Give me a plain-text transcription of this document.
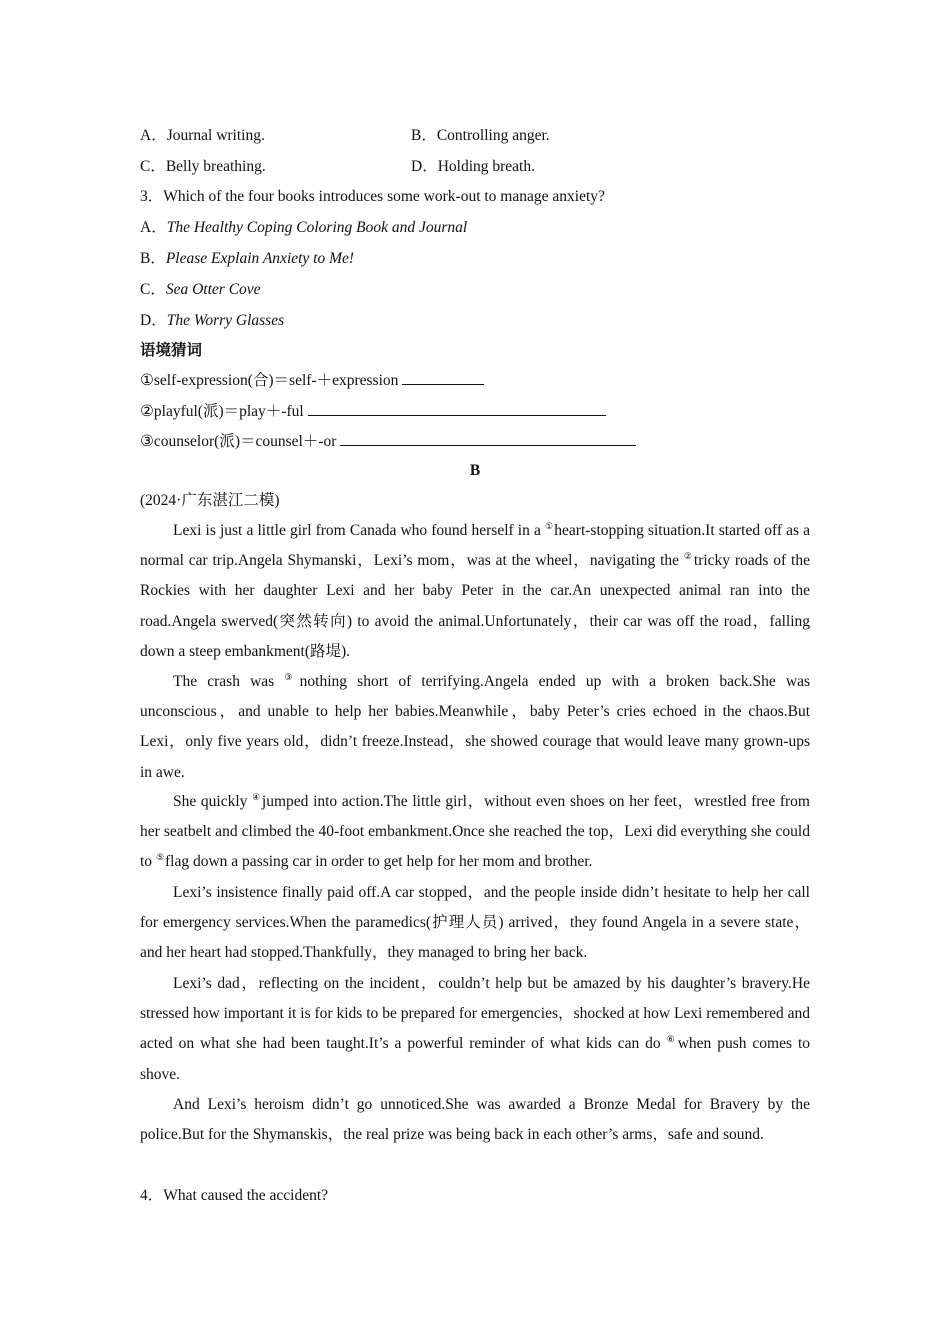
A．Journal writing.	B．Controlling anger.
C．Belly breathing.	D．Holding breath.
3．Which of the four books introduces some work-out to manage anxiety?
A．The Healthy Coping Coloring Book and Journal
B．Please Explain Anxiety to Me!
C．Sea Otter Cove
D．The Worry Glasses
语境猜词
①self-expression(合)＝self-＋expression
②playful(派)＝play＋-ful
③counselor(派)＝counsel＋-or
B
(2024·广东湛江二模)

Lexi is just a little girl from Canada who found herself in a ①heart-stopping situation.It started off as a normal car trip.Angela Shymanski，Lexi’s mom，was at the wheel，navigating the ②tricky roads of the Rockies with her daughter Lexi and her baby Peter in the car.An unexpected animal ran into the road.Angela swerved(突然转向) to avoid the animal.Unfortunately，their car was off the road，falling down a steep embankment(路堤).

The crash was ③nothing short of terrifying.Angela ended up with a broken back.She was unconscious，and unable to help her babies.Meanwhile，baby Peter’s cries echoed in the chaos.But Lexi，only five years old，didn’t freeze.Instead，she showed courage that would leave many grown-ups in awe.

She quickly ④jumped into action.The little girl，without even shoes on her feet，wrestled free from her seatbelt and climbed the 40-foot embankment.Once she reached the top，Lexi did everything she could to ⑤flag down a passing car in order to get help for her mom and brother.

Lexi’s insistence finally paid off.A car stopped，and the people inside didn’t hesitate to help her call for emergency services.When the paramedics(护理人员) arrived，they found Angela in a severe state，and her heart had stopped.Thankfully，they managed to bring her back.

Lexi’s dad，reflecting on the incident，couldn’t help but be amazed by his daughter’s bravery.He stressed how important it is for kids to be prepared for emergencies，shocked at how Lexi remembered and acted on what she had been taught.It’s a powerful reminder of what kids can do ⑥when push comes to shove.

And Lexi’s heroism didn’t go unnoticed.She was awarded a Bronze Medal for Bravery by the police.But for the Shymanskis，the real prize was being back in each other’s arms，safe and sound.

4．What caused the accident?
